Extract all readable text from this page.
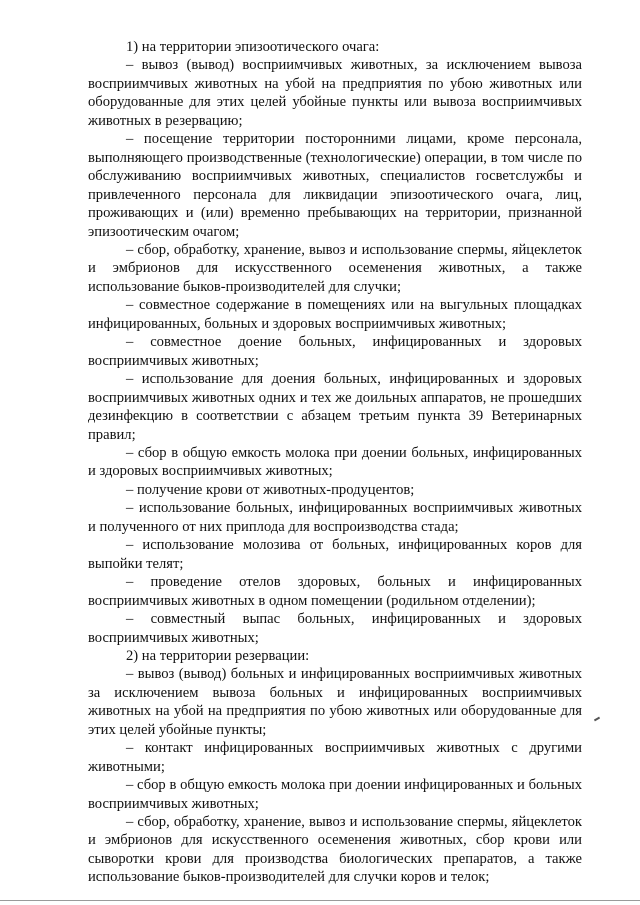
1) на территории эпизоотического очага:

– вывоз (вывод) восприимчивых животных, за исключением вывоза восприимчивых животных на убой на предприятия по убою животных или оборудованные для этих целей убойные пункты или вывоза восприимчивых животных в резервацию;

– посещение территории посторонними лицами, кроме персонала, выполняющего производственные (технологические) операции, в том числе по обслуживанию восприимчивых животных, специалистов госветслужбы и привлеченного персонала для ликвидации эпизоотического очага, лиц, проживающих и (или) временно пребывающих на территории, признанной эпизоотическим очагом;

– сбор, обработку, хранение, вывоз и использование спермы, яйцеклеток и эмбрионов для искусственного осеменения животных, а также использование быков-производителей для случки;

– совместное содержание в помещениях или на выгульных площадках инфицированных, больных и здоровых восприимчивых животных;

– совместное доение больных, инфицированных и здоровых восприимчивых животных;

– использование для доения больных, инфицированных и здоровых восприимчивых животных одних и тех же доильных аппаратов, не прошедших дезинфекцию в соответствии с абзацем третьим пункта 39 Ветеринарных правил;

– сбор в общую емкость молока при доении больных, инфицированных и здоровых восприимчивых животных;

– получение крови от животных-продуцентов;

– использование больных, инфицированных восприимчивых животных и полученного от них приплода для воспроизводства стада;

– использование молозива от больных, инфицированных коров для выпойки телят;

– проведение отелов здоровых, больных и инфицированных восприимчивых животных в одном помещении (родильном отделении);

– совместный выпас больных, инфицированных и здоровых восприимчивых животных;

2) на территории резервации:

– вывоз (вывод) больных и инфицированных восприимчивых животных за исключением вывоза больных и инфицированных восприимчивых животных на убой на предприятия по убою животных или оборудованные для этих целей убойные пункты;

– контакт инфицированных восприимчивых животных с другими животными;

– сбор в общую емкость молока при доении инфицированных и больных восприимчивых животных;

– сбор, обработку, хранение, вывоз и использование спермы, яйцеклеток и эмбрионов для искусственного осеменения животных, сбор крови или сыворотки крови для производства биологических препаратов, а также использование быков-производителей для случки коров и телок;
